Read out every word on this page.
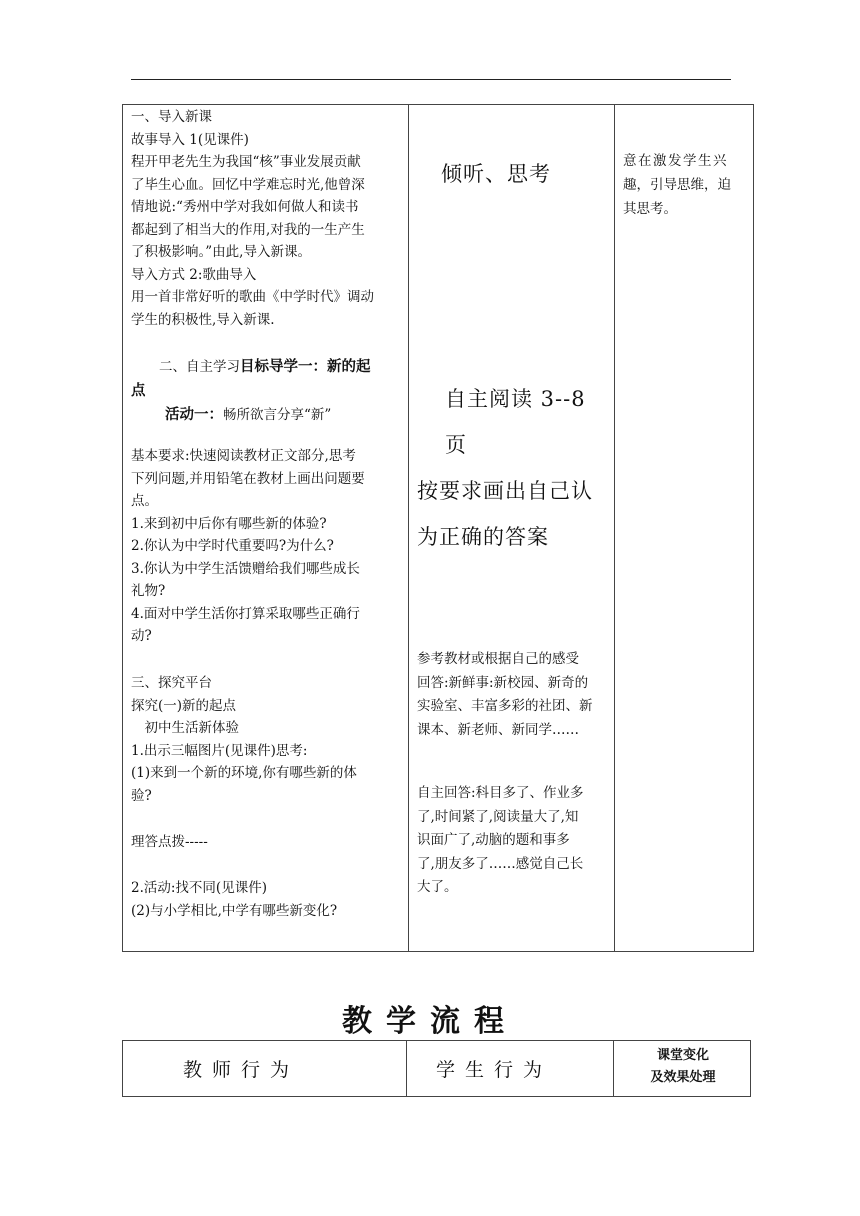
一、导入新课

故事导入 1(见课件)

程开甲老先生为我国“核”事业发展贡献

了毕生心血。回忆中学难忘时光,他曾深

情地说:“秀州中学对我如何做人和读书

都起到了相当大的作用,对我的一生产生

了积极影响。”由此,导入新课。

导入方式 2:歌曲导入

用一首非常好听的歌曲《中学时代》调动

学生的积极性,导入新课.

二、自主学习目标导学一：新的起

点

活动一：畅所欲言分享“新”

基本要求:快速阅读教材正文部分,思考

下列问题,并用铅笔在教材上画出问题要

点。

1.来到初中后你有哪些新的体验?

2.你认为中学时代重要吗?为什么?

3.你认为中学生活馈赠给我们哪些成长

礼物?

4.面对中学生活你打算采取哪些正确行

动?

三、探究平台

探究(一)新的起点

　初中生活新体验

1.出示三幅图片(见课件)思考:

(1)来到一个新的环境,你有哪些新的体

验?

理答点拨-----

2.活动:找不同(见课件)

(2)与小学相比,中学有哪些新变化?

倾听、思考
自主阅读 3--8 页
按要求画出自己认
为正确的答案
参考教材或根据自己的感受
回答:新鲜事:新校园、新奇的
实验室、丰富多彩的社团、新
课本、新老师、新同学……
自主回答:科目多了、作业多
了,时间紧了,阅读量大了,知
识面广了,动脑的题和事多
了,朋友多了……感觉自己长
大了。
意在激发学生兴
趣，引导思维，迫
其思考。
教学流程
教师行为	学生行为
课堂变化
及效果处理
